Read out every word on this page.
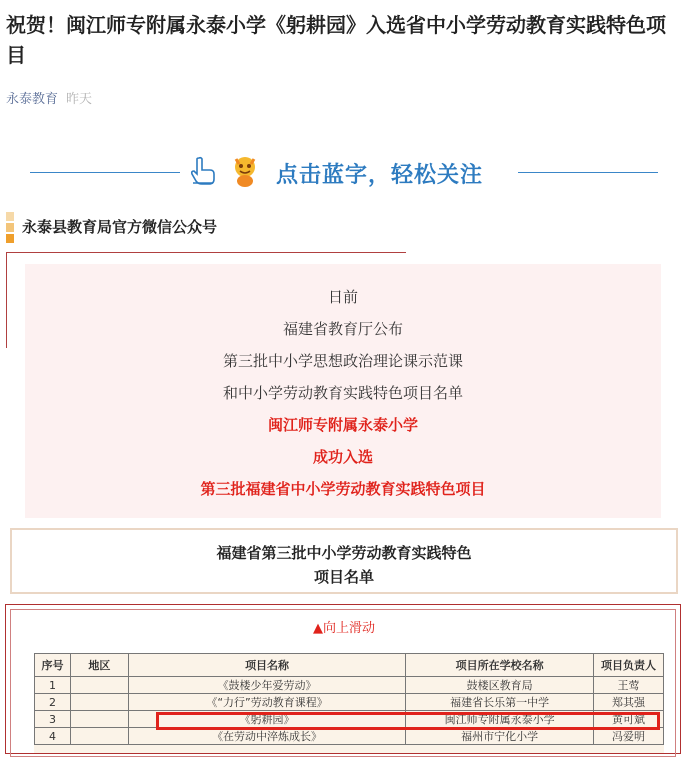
祝贺！闽江师专附属永泰小学《躬耕园》入选省中小学劳动教育实践特色项目
永泰教育 昨天
点击蓝字，轻松关注
永泰县教育局官方微信公众号
日前
福建省教育厅公布
第三批中小学思想政治理论课示范课
和中小学劳动教育实践特色项目名单
闽江师专附属永泰小学
成功入选
第三批福建省中小学劳动教育实践特色项目
福建省第三批中小学劳动教育实践特色
项目名单
▲向上滑动
序号	地区	项目名称	项目所在学校名称	项目负责人
1		《鼓楼少年爱劳动》	鼓楼区教育局	王莺
2		《“力行”劳动教育课程》	福建省长乐第一中学	郑其强
3		《躬耕园》	闽江师专附属永泰小学	黄可斌
4		《在劳动中淬炼成长》	福州市宁化小学	冯爱明
